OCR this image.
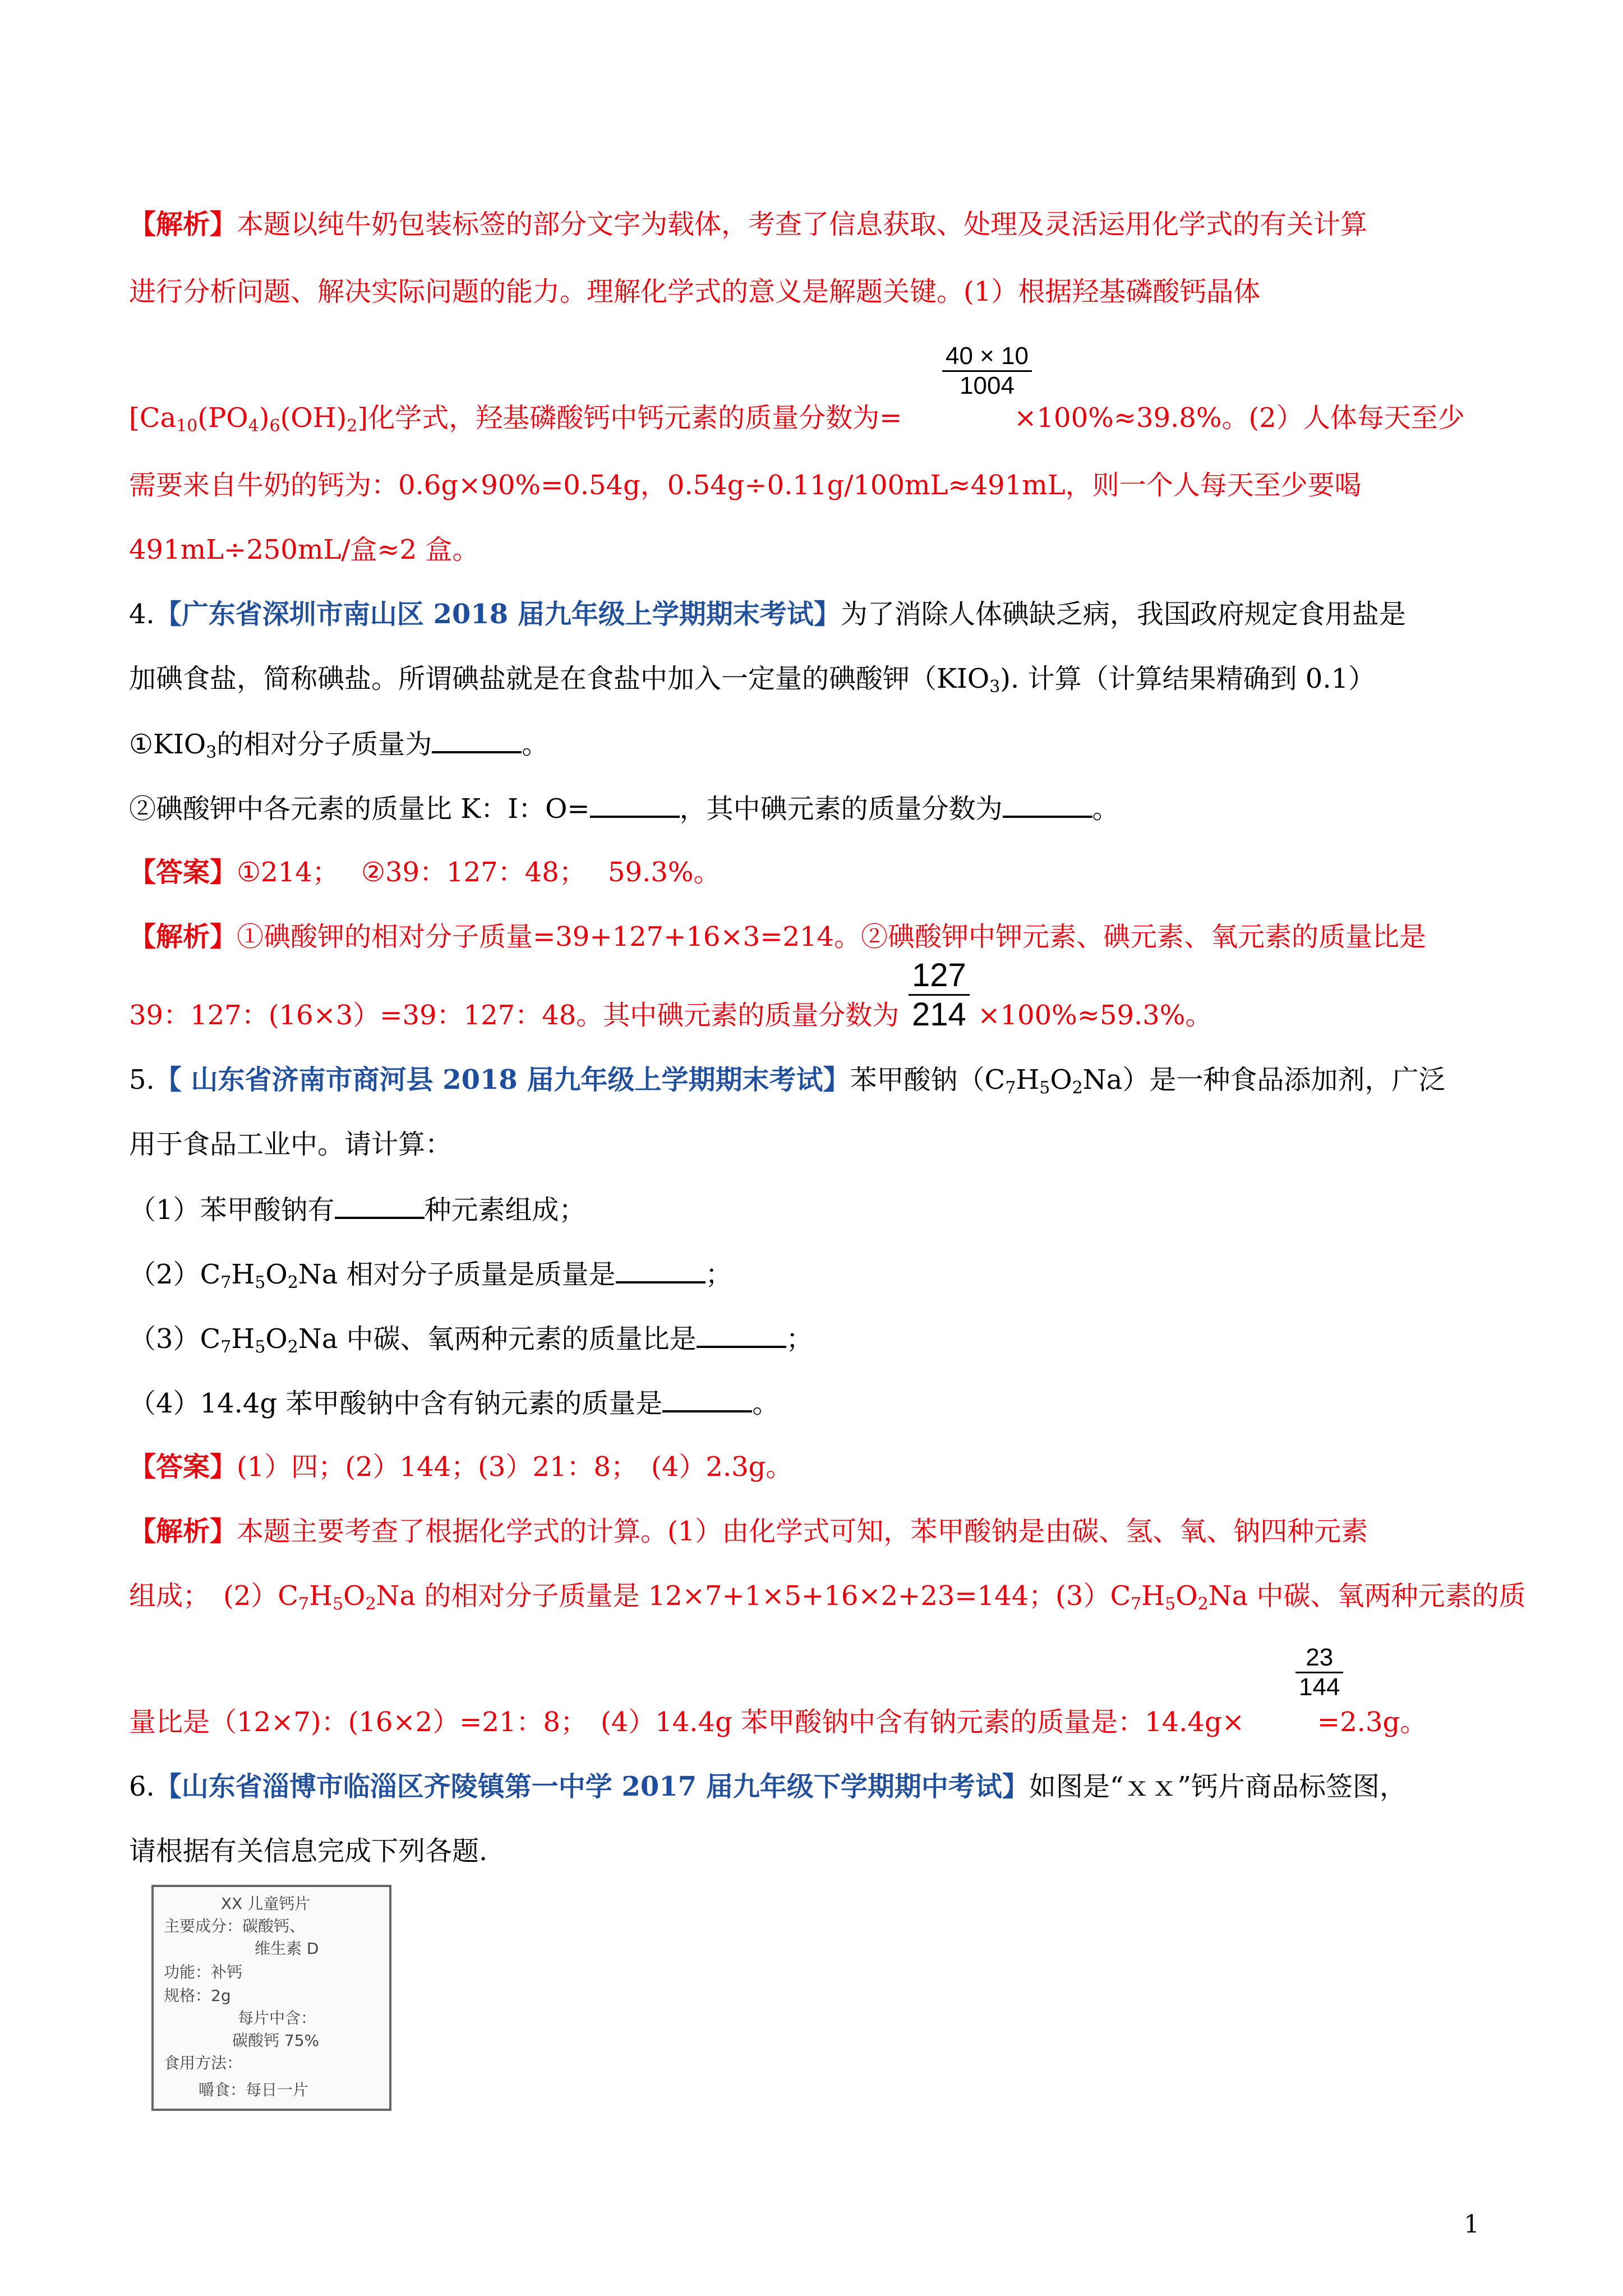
【解析】本题以纯牛奶包装标签的部分文字为载体，考查了信息获取、处理及灵活运用化学式的有关计算
进行分析问题、解决实际问题的能力。理解化学式的意义是解题关键。(1）根据羟基磷酸钙晶体
40 × 10
1004
$[Ca_{10}(PO_4)_6(OH)_2]$化学式，羟基磷酸钙中钙元素的质量分数为=	×100%≈39.8%。(2）人体每天至少
需要来自牛奶的钙为：0.6g×90%=0.54g，0.54g÷0.11g/100mL≈491mL，则一个人每天至少要喝
491mL÷250mL/盒≈2 盒。
4.【广东省深圳市南山区 2018 届九年级上学期期末考试】为了消除人体碘缺乏病，我国政府规定食用盐是
加碘食盐，简称碘盐。所谓碘盐就是在食盐中加入一定量的碘酸钾$(KIO_3)$. 计算（计算结果精确到 0.1）
$①KIO_3$的相对分子质量为	。
②碘酸钾中各元素的质量比 K：I：O=	，其中碘元素的质量分数为	。
【答案】①214；　 ②39：127：48；　 59.3%。
【解析】①碘酸钾的相对分子质量=39+127+16×3=214。②碘酸钾中钾元素、碘元素、氧元素的质量比是
127
214
39：127：(16×3）=39：127：48。其中碘元素的质量分数为	×100%≈59.3%。
5.【 山东省济南市商河县 2018 届九年级上学期期末考试】苯甲酸钠$(C_7H_5O_2Na)$是一种食品添加剂，广泛
用于食品工业中。请计算：
（1）苯甲酸钠有	种元素组成；
$(2)C_7H_5O_2Na$ 相对分子质量是质量是	；
$(3)C_7H_5O_2Na$ 中碳、氧两种元素的质量比是	；
（4）14.4g 苯甲酸钠中含有钠元素的质量是	。
【答案】(1）四；(2）144；(3）21：8；　(4）2.3g。
【解析】本题主要考查了根据化学式的计算。(1）由化学式可知，苯甲酸钠是由碳、氢、氧、钠四种元素
组成；　$(2)C_7H_5O_2Na$ 的相对分子质量是 12×7+1×5+16×2+23=144；$(3)C_7H_5O_2Na$ 中碳、氧两种元素的质
23
144
量比是（12×7)：(16×2）=21：8；　(4）14.4g 苯甲酸钠中含有钠元素的质量是：14.4g×	=2.3g。
6.【山东省淄博市临淄区齐陵镇第一中学 2017 届九年级下学期期中考试】如图是“ｘｘ”钙片商品标签图，
请根据有关信息完成下列各题.
XX 儿童钙片
主要成分：碳酸钙、
维生素 D
功能：补钙
规格：2g
每片中含：
碳酸钙 75%
食用方法：
嚼食：每日一片
1
